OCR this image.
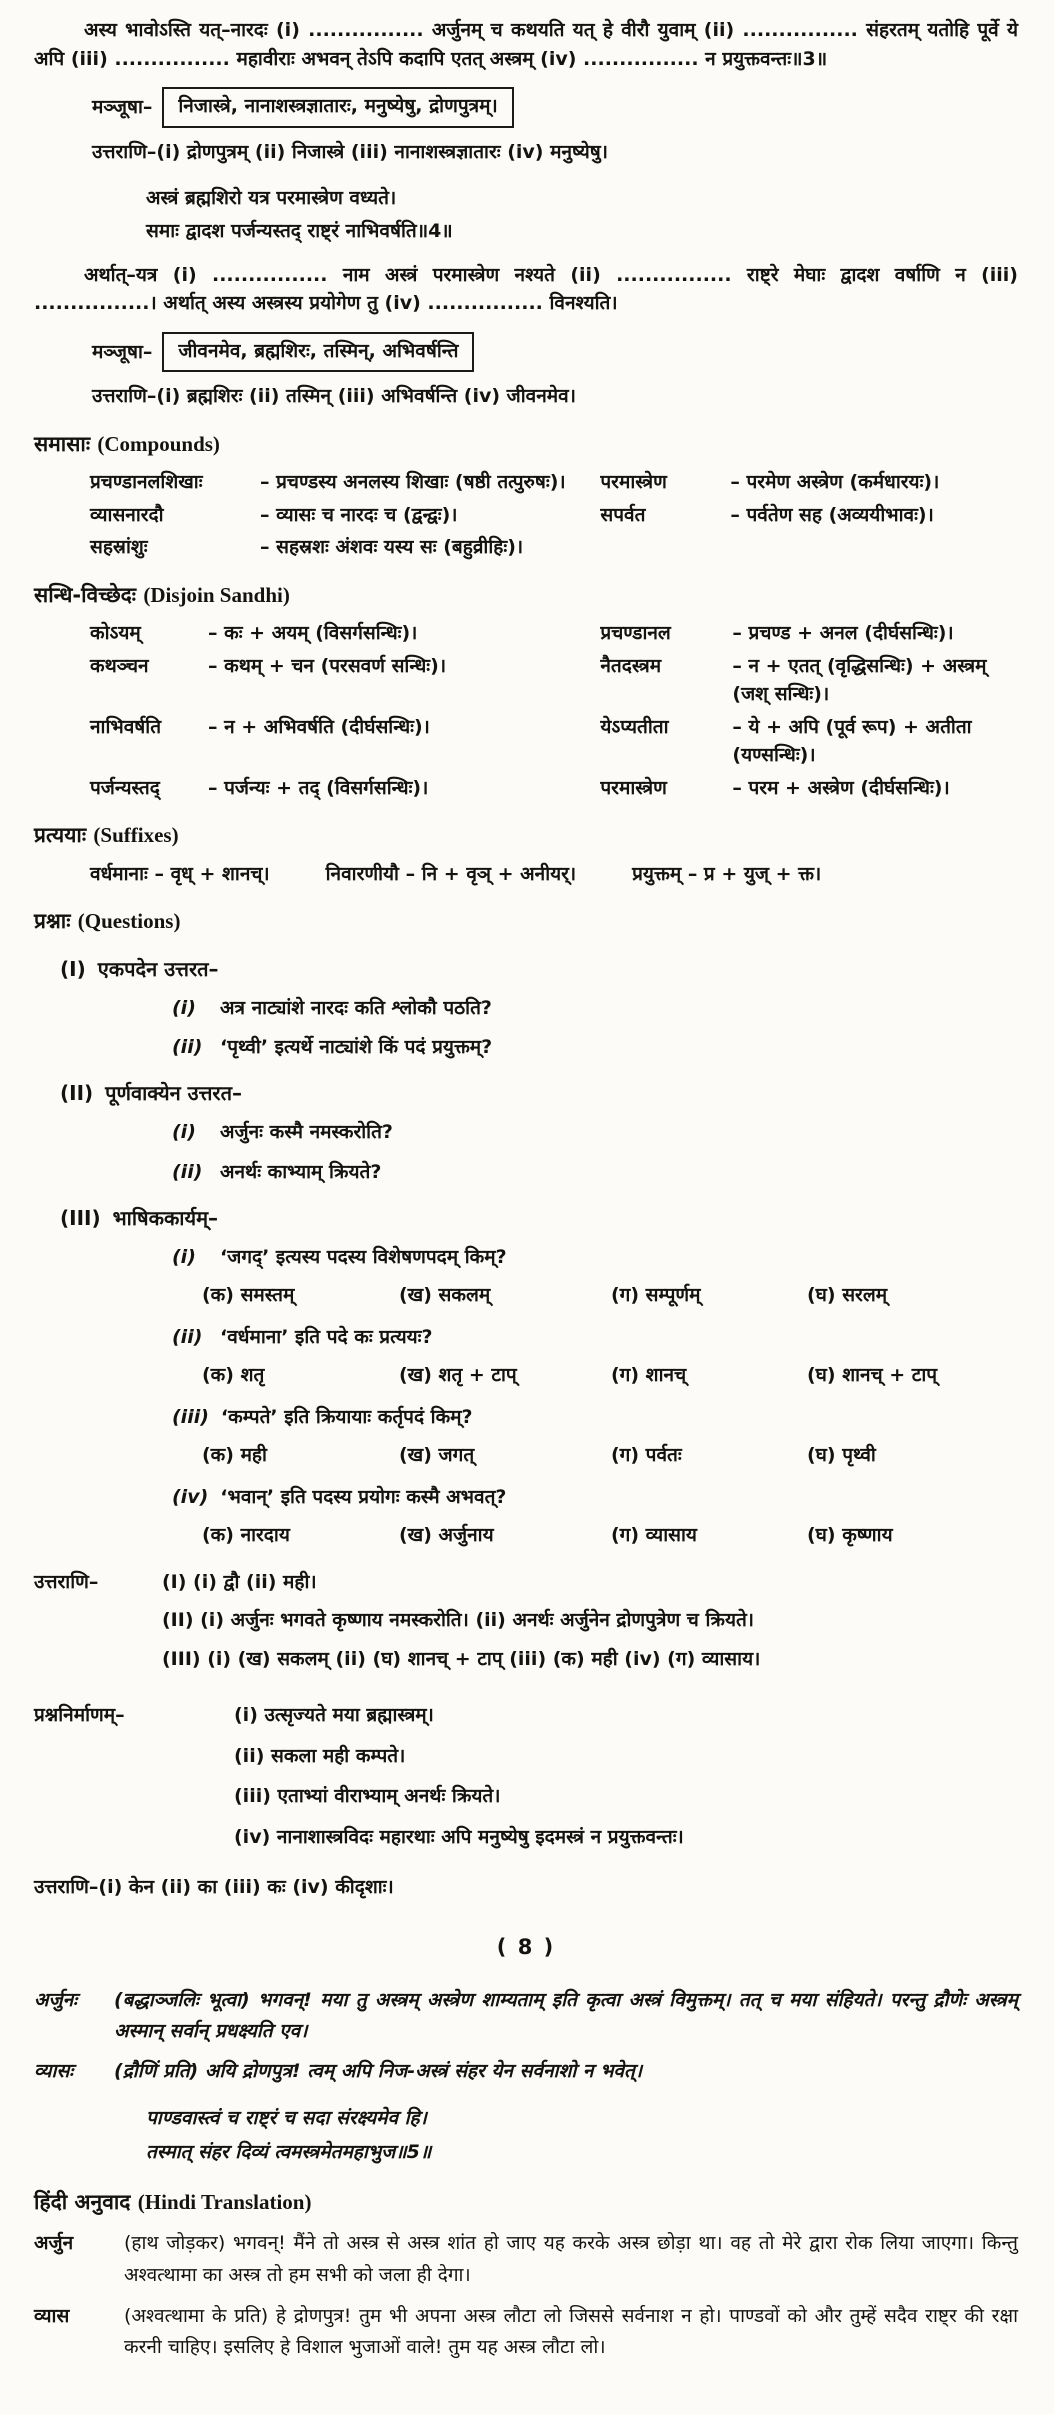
अस्य भावोऽस्ति यत्–नारदः (i) ................ अर्जुनम् च कथयति यत् हे वीरौ युवाम् (ii) ................ संहरतम् यतोहि पूर्वे ये अपि (iii) ................ महावीराः अभवन् तेऽपि कदापि एतत् अस्त्रम् (iv) ................ न प्रयुक्तवन्तः॥3॥

मञ्जूषा–	निजास्त्रे, नानाशस्त्रज्ञातारः, मनुष्येषु, द्रोणपुत्रम्।

उत्तराणि–(i) द्रोणपुत्रम् (ii) निजास्त्रे (iii) नानाशस्त्रज्ञातारः (iv) मनुष्येषु।

अस्त्रं ब्रह्मशिरो यत्र परमास्त्रेण वध्यते।
समाः द्वादश पर्जन्यस्तद् राष्ट्रं नाभिवर्षति॥4॥

अर्थात्–यत्र (i) ................ नाम अस्त्रं परमास्त्रेण नश्यते (ii) ................ राष्ट्रे मेघाः द्वादश वर्षाणि न (iii) ................। अर्थात् अस्य अस्त्रस्य प्रयोगेण तु (iv) ................ विनश्यति।

मञ्जूषा–	जीवनमेव, ब्रह्मशिरः, तस्मिन्, अभिवर्षन्ति

उत्तराणि–(i) ब्रह्मशिरः (ii) तस्मिन् (iii) अभिवर्षन्ति (iv) जीवनमेव।

समासाः (Compounds)
प्रचण्डानलशिखाः	– प्रचण्डस्य अनलस्य शिखाः (षष्ठी तत्पुरुषः)। परमास्त्रेण	– परमेण अस्त्रेण (कर्मधारयः)।
व्यासनारदौ	– व्यासः च नारदः च (द्वन्द्वः)।	सपर्वत	– पर्वतेण सह (अव्ययीभावः)।
सहस्रांशुः	– सहस्रशः अंशवः यस्य सः (बहुव्रीहिः)।
सन्धि-विच्छेदः (Disjoin Sandhi)
कोऽयम्	– कः + अयम् (विसर्गसन्धिः)।	प्रचण्डानल	– प्रचण्ड + अनल (दीर्घसन्धिः)।
कथञ्चन	– कथम् + चन (परसवर्ण सन्धिः)।	नैतदस्त्रम	– न + एतत् (वृद्धिसन्धिः) + अस्त्रम् (जश् सन्धिः)।
नाभिवर्षति	– न + अभिवर्षति (दीर्घसन्धिः)।	येऽप्यतीता	– ये + अपि (पूर्व रूप) + अतीता (यण्सन्धिः)।
पर्जन्यस्तद्	– पर्जन्यः + तद् (विसर्गसन्धिः)।	परमास्त्रेण	– परम + अस्त्रेण (दीर्घसन्धिः)।
प्रत्ययाः (Suffixes)
वर्धमानाः – वृध् + शानच्।	निवारणीयौ – नि + वृञ् + अनीयर्।	प्रयुक्तम् – प्र + युज् + क्त।
प्रश्नाः (Questions)
(I) एकपदेन उत्तरत–
(i)	अत्र नाट्यांशे नारदः कति श्लोकौ पठति?
(ii) ‘पृथ्वी’ इत्यर्थे नाट्यांशे किं पदं प्रयुक्तम्?
(II) पूर्णवाक्येन उत्तरत–
(i)	अर्जुनः कस्मै नमस्करोति?
(ii) अनर्थः काभ्याम् क्रियते?
(III) भाषिककार्यम्–
(i)	‘जगद्’ इत्यस्य पदस्य विशेषणपदम् किम्?
(क) समस्तम्	(ख) सकलम्	(ग) सम्पूर्णम्	(घ) सरलम्
(ii) ‘वर्धमाना’ इति पदे कः प्रत्ययः?
(क) शतृ	(ख) शतृ + टाप्	(ग) शानच्	(घ) शानच् + टाप्
(iii) ‘कम्पते’ इति क्रियायाः कर्तृपदं किम्?
(क) मही	(ख) जगत्	(ग) पर्वतः	(घ) पृथ्वी
(iv) ‘भवान्’ इति पदस्य प्रयोगः कस्मै अभवत्?
(क) नारदाय	(ख) अर्जुनाय	(ग) व्यासाय	(घ) कृष्णाय
उत्तराणि–	(I) (i) द्वौ (ii) मही।
(II) (i) अर्जुनः भगवते कृष्णाय नमस्करोति। (ii) अनर्थः अर्जुनेन द्रोणपुत्रेण च क्रियते।
(III) (i) (ख) सकलम् (ii) (घ) शानच् + टाप् (iii) (क) मही (iv) (ग) व्यासाय।
प्रश्ननिर्माणम्–	(i) उत्सृज्यते मया ब्रह्मास्त्रम्।
(ii) सकला मही कम्पते।
(iii) एताभ्यां वीराभ्याम् अनर्थः क्रियते।
(iv) नानाशास्त्रविदः महारथाः अपि मनुष्येषु इदमस्त्रं न प्रयुक्तवन्तः।

उत्तराणि–(i) केन (ii) का (iii) कः (iv) कीदृशाः।

( 8 )
अर्जुनः	(बद्धाञ्जलिः भूत्वा) भगवन्! मया तु अस्त्रम् अस्त्रेण शाम्यताम् इति कृत्वा अस्त्रं विमुक्तम्। तत् च मया संहियते। परन्तु द्रौणेः अस्त्रम् अस्मान् सर्वान् प्रधक्ष्यति एव।
व्यासः	(द्रौणिं प्रति) अयि द्रोणपुत्र! त्वम् अपि निज-अस्त्रं संहर येन सर्वनाशो न भवेत्।
पाण्डवास्त्वं च राष्ट्रं च सदा संरक्ष्यमेव हि।
तस्मात् संहर दिव्यं त्वमस्त्रमेतमहाभुज॥5॥
हिंदी अनुवाद (Hindi Translation)
अर्जुन	(हाथ जोड़कर) भगवन्! मैंने तो अस्त्र से अस्त्र शांत हो जाए यह करके अस्त्र छोड़ा था। वह तो मेरे द्वारा रोक लिया जाएगा। किन्तु अश्वत्थामा का अस्त्र तो हम सभी को जला ही देगा।
व्यास	(अश्वत्थामा के प्रति) हे द्रोणपुत्र! तुम भी अपना अस्त्र लौटा लो जिससे सर्वनाश न हो। पाण्डवों को और तुम्हें सदैव राष्ट्र की रक्षा करनी चाहिए। इसलिए हे विशाल भुजाओं वाले! तुम यह अस्त्र लौटा लो।
